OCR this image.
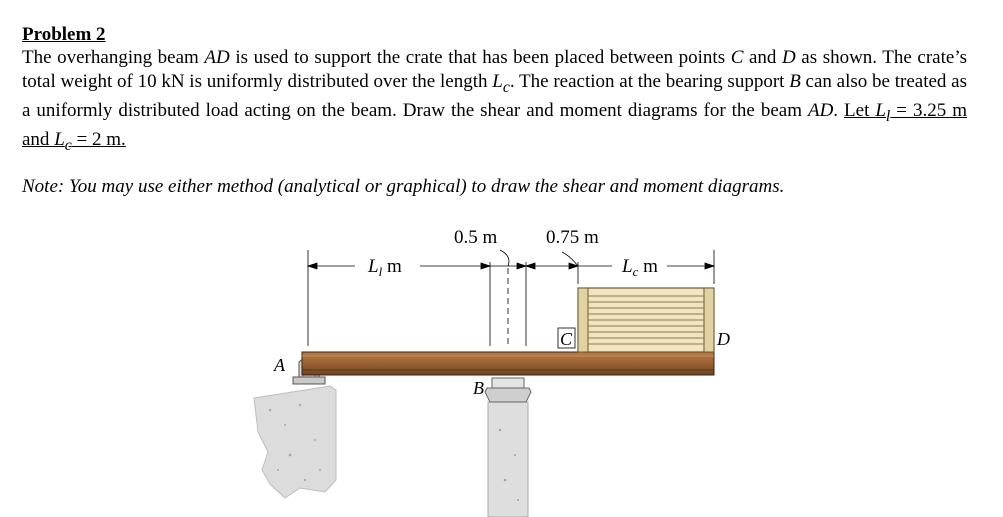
Problem 2
The overhanging beam AD is used to support the crate that has been placed between points C and D as shown. The crate’s total weight of 10 kN is uniformly distributed over the length $L_c$. The reaction at the bearing support B can also be treated as a uniformly distributed load acting on the beam. Draw the shear and moment diagrams for the beam AD. Let $L_l = 3.25$ m and $L_c = 2$ m.
Note: You may use either method (analytical or graphical) to draw the shear and moment diagrams.
A
B
C	D
$L_l$ m
0.5 m	0.75 m
$L_c$ m
